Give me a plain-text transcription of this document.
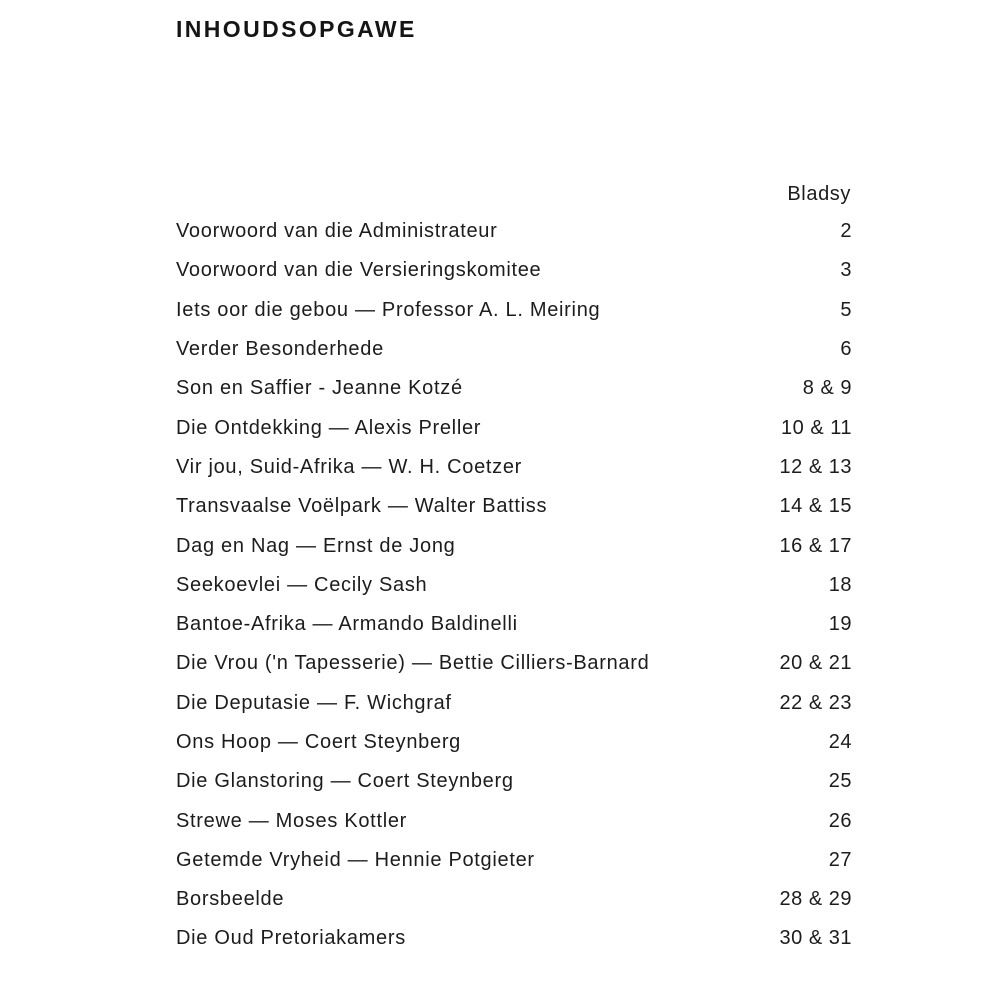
INHOUDSOPGAWE
Bladsy
Voorwoord van die Administrateur	2
Voorwoord van die Versieringskomitee	3
Iets oor die gebou — Professor A. L. Meiring	5
Verder Besonderhede	6
Son en Saffier - Jeanne Kotzé	8 & 9
Die Ontdekking — Alexis Preller	10 & 11
Vir jou, Suid-Afrika — W. H. Coetzer	12 & 13
Transvaalse Voëlpark — Walter Battiss	14 & 15
Dag en Nag — Ernst de Jong	16 & 17
Seekoevlei — Cecily Sash	18
Bantoe-Afrika — Armando Baldinelli	19
Die Vrou ('n Tapesserie) — Bettie Cilliers-Barnard	20 & 21
Die Deputasie — F. Wichgraf	22 & 23
Ons Hoop — Coert Steynberg	24
Die Glanstoring — Coert Steynberg	25
Strewe — Moses Kottler	26
Getemde Vryheid — Hennie Potgieter	27
Borsbeelde	28 & 29
Die Oud Pretoriakamers	30 & 31
